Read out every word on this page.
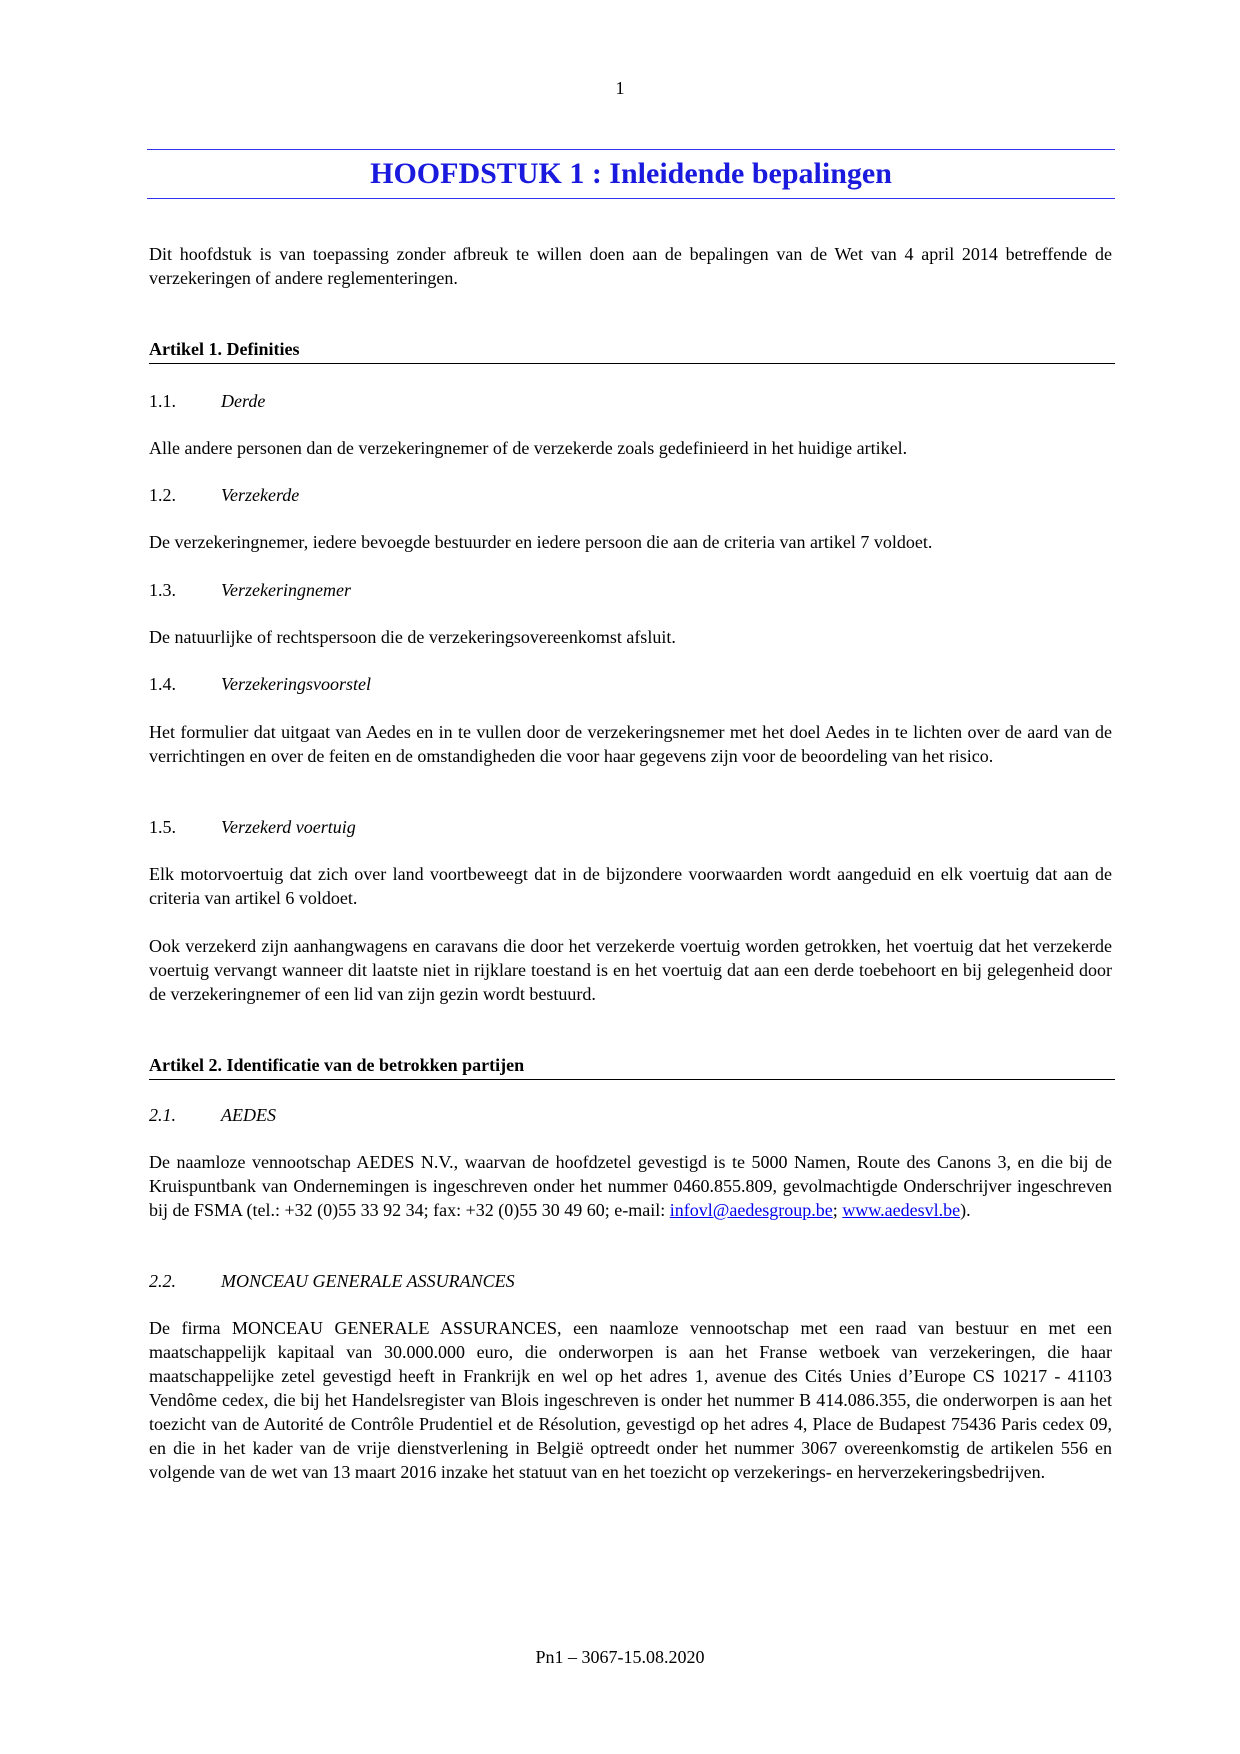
1
HOOFDSTUK 1 : Inleidende bepalingen
Dit hoofdstuk is van toepassing zonder afbreuk te willen doen aan de bepalingen van de Wet van 4 april 2014 betreffende de verzekeringen of andere reglementeringen.
Artikel 1. Definities
1.1.	Derde
Alle andere personen dan de verzekeringnemer of de verzekerde zoals gedefinieerd in het huidige artikel.
1.2.	Verzekerde
De verzekeringnemer, iedere bevoegde bestuurder en iedere persoon die aan de criteria van artikel 7 voldoet.
1.3.	Verzekeringnemer
De natuurlijke of rechtspersoon die de verzekeringsovereenkomst afsluit.
1.4.	Verzekeringsvoorstel
Het formulier dat uitgaat van Aedes en in te vullen door de verzekeringsnemer met het doel Aedes in te lichten over de aard van de verrichtingen en over de feiten en de omstandigheden die voor haar gegevens zijn voor de beoordeling van het risico.
1.5.	Verzekerd voertuig
Elk motorvoertuig dat zich over land voortbeweegt dat in de bijzondere voorwaarden wordt aangeduid en elk voertuig dat aan de criteria van artikel 6 voldoet.
Ook verzekerd zijn aanhangwagens en caravans die door het verzekerde voertuig worden getrokken, het voertuig dat het verzekerde voertuig vervangt wanneer dit laatste niet in rijklare toestand is en het voertuig dat aan een derde toebehoort en bij gelegenheid door de verzekeringnemer of een lid van zijn gezin wordt bestuurd.
Artikel 2. Identificatie van de betrokken partijen
2.1.	AEDES
De naamloze vennootschap AEDES N.V., waarvan de hoofdzetel gevestigd is te 5000 Namen, Route des Canons 3, en die bij de Kruispuntbank van Ondernemingen is ingeschreven onder het nummer 0460.855.809, gevolmachtigde Onderschrijver ingeschreven bij de FSMA (tel.: +32 (0)55 33 92 34; fax: +32 (0)55 30 49 60; e-mail: infovl@aedesgroup.be; www.aedesvl.be).
2.2.	MONCEAU GENERALE ASSURANCES
De firma MONCEAU GENERALE ASSURANCES, een naamloze vennootschap met een raad van bestuur en met een maatschappelijk kapitaal van 30.000.000 euro, die onderworpen is aan het Franse wetboek van verzekeringen, die haar maatschappelijke zetel gevestigd heeft in Frankrijk en wel op het adres 1, avenue des Cités Unies d’Europe CS 10217 - 41103 Vendôme cedex, die bij het Handelsregister van Blois ingeschreven is onder het nummer B 414.086.355, die onderworpen is aan het toezicht van de Autorité de Contrôle Prudentiel et de Résolution, gevestigd op het adres 4, Place de Budapest 75436 Paris cedex 09, en die in het kader van de vrije dienstverlening in België optreedt onder het nummer 3067 overeenkomstig de artikelen 556 en volgende van de wet van 13 maart 2016 inzake het statuut van en het toezicht op verzekerings- en herverzekeringsbedrijven.
Pn1 – 3067-15.08.2020
